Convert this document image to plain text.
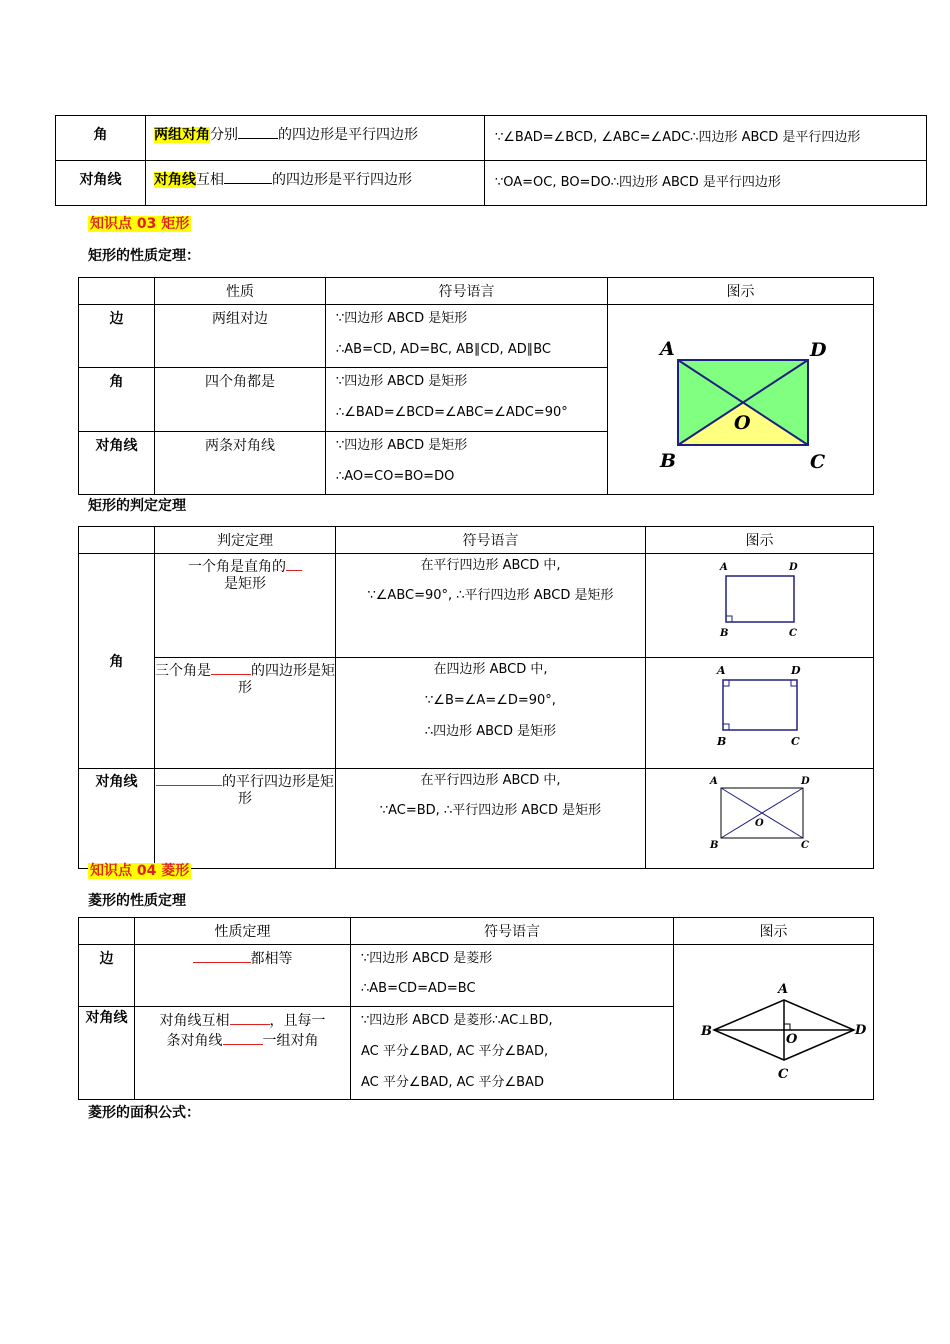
角	两组对角分别 的四边形是平行四边形	∵∠BAD=∠BCD, ∠ABC=∠ADC∴四边形 ABCD 是平行四边形
对角线	对角线互相 的四边形是平行四边形	∵OA=OC, BO=DO∴四边形 ABCD 是平行四边形
知识点 03 矩形
矩形的性质定理：
	性质	符号语言	图示
边	两组对边	∵四边形 ABCD 是矩形
∴AB=CD, AD=BC, AB∥CD, AD∥BC	A D
B C
O

角	四个角都是	∵四边形 ABCD 是矩形
∴∠BAD=∠BCD=∠ABC=∠ADC=90°	

对角线	两条对角线	∵四边形 ABCD 是矩形
∴AO=CO=BO=DO	
矩形的判定定理
	判定定理	符号语言	图示
角	一个角是直角的
是矩形	在平行四边形 ABCD 中,
∵∠ABC=90°, ∴平行四边形 ABCD 是矩形	A D
B C

	三个角是 的四边形是矩形	在四边形 ABCD 中,
∵∠B=∠A=∠D=90°,
∴四边形 ABCD 是矩形	A D
B C

对角线	的平行四边形是矩形	在平行四边形 ABCD 中,
∵AC=BD, ∴平行四边形 ABCD 是矩形	A D
B C
O
知识点 04 菱形
菱形的性质定理
	性质定理	符号语言	图示
边	都相等	∵四边形 ABCD 是菱形
∴AB=CD=AD=BC	A
B D
C
O

对角线	对角线互相 ，且每一
条对角线 一组对角	∵四边形 ABCD 是菱形∴AC⊥BD,
AC 平分∠BAD, AC 平分∠BAD,
AC 平分∠BAD, AC 平分∠BAD	
菱形的面积公式：
